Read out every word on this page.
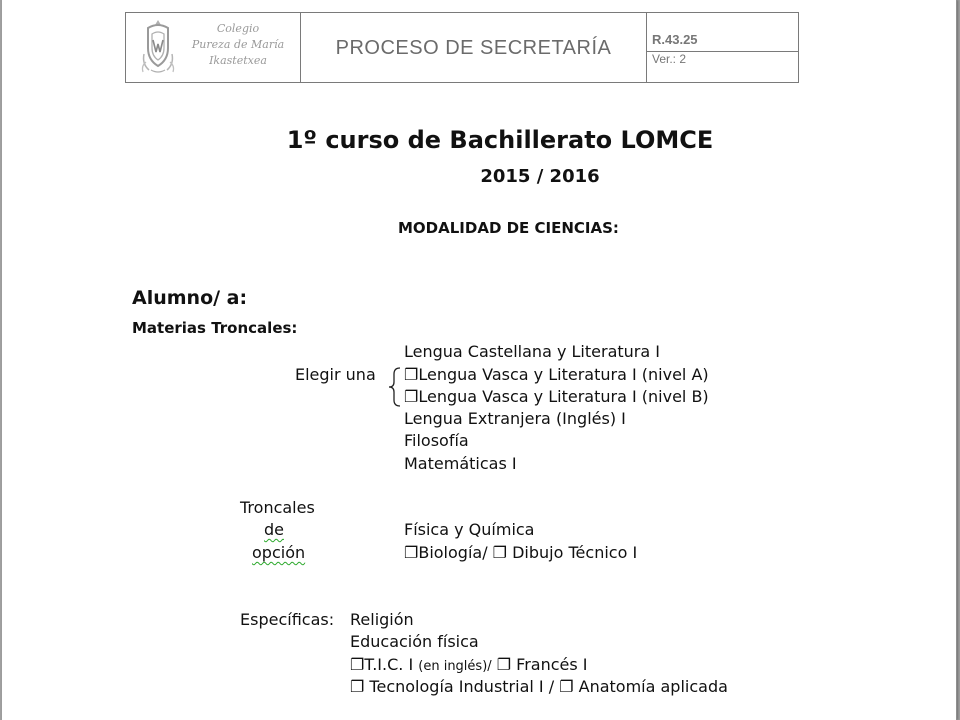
Colegio
Pureza de María
Ikastetxea
PROCESO DE SECRETARÍA	R.43.25
Ver.: 2
1º curso de Bachillerato LOMCE
2015 / 2016
MODALIDAD DE CIENCIAS:
Alumno/ a:
Materias Troncales:
Lengua Castellana y Literatura I
Elegir una ❐Lengua Vasca y Literatura I (nivel A)
❐Lengua Vasca y Literatura I (nivel B)
Lengua Extranjera (Inglés) I
Filosofía
Matemáticas I
Troncales
de
opción
Física y Química
❐Biología/ ❐ Dibujo Técnico I
Específicas: Religión
Educación física
❐T.I.C. I (en inglés)/ ❐ Francés I
❐ Tecnología Industrial I / ❐ Anatomía aplicada
